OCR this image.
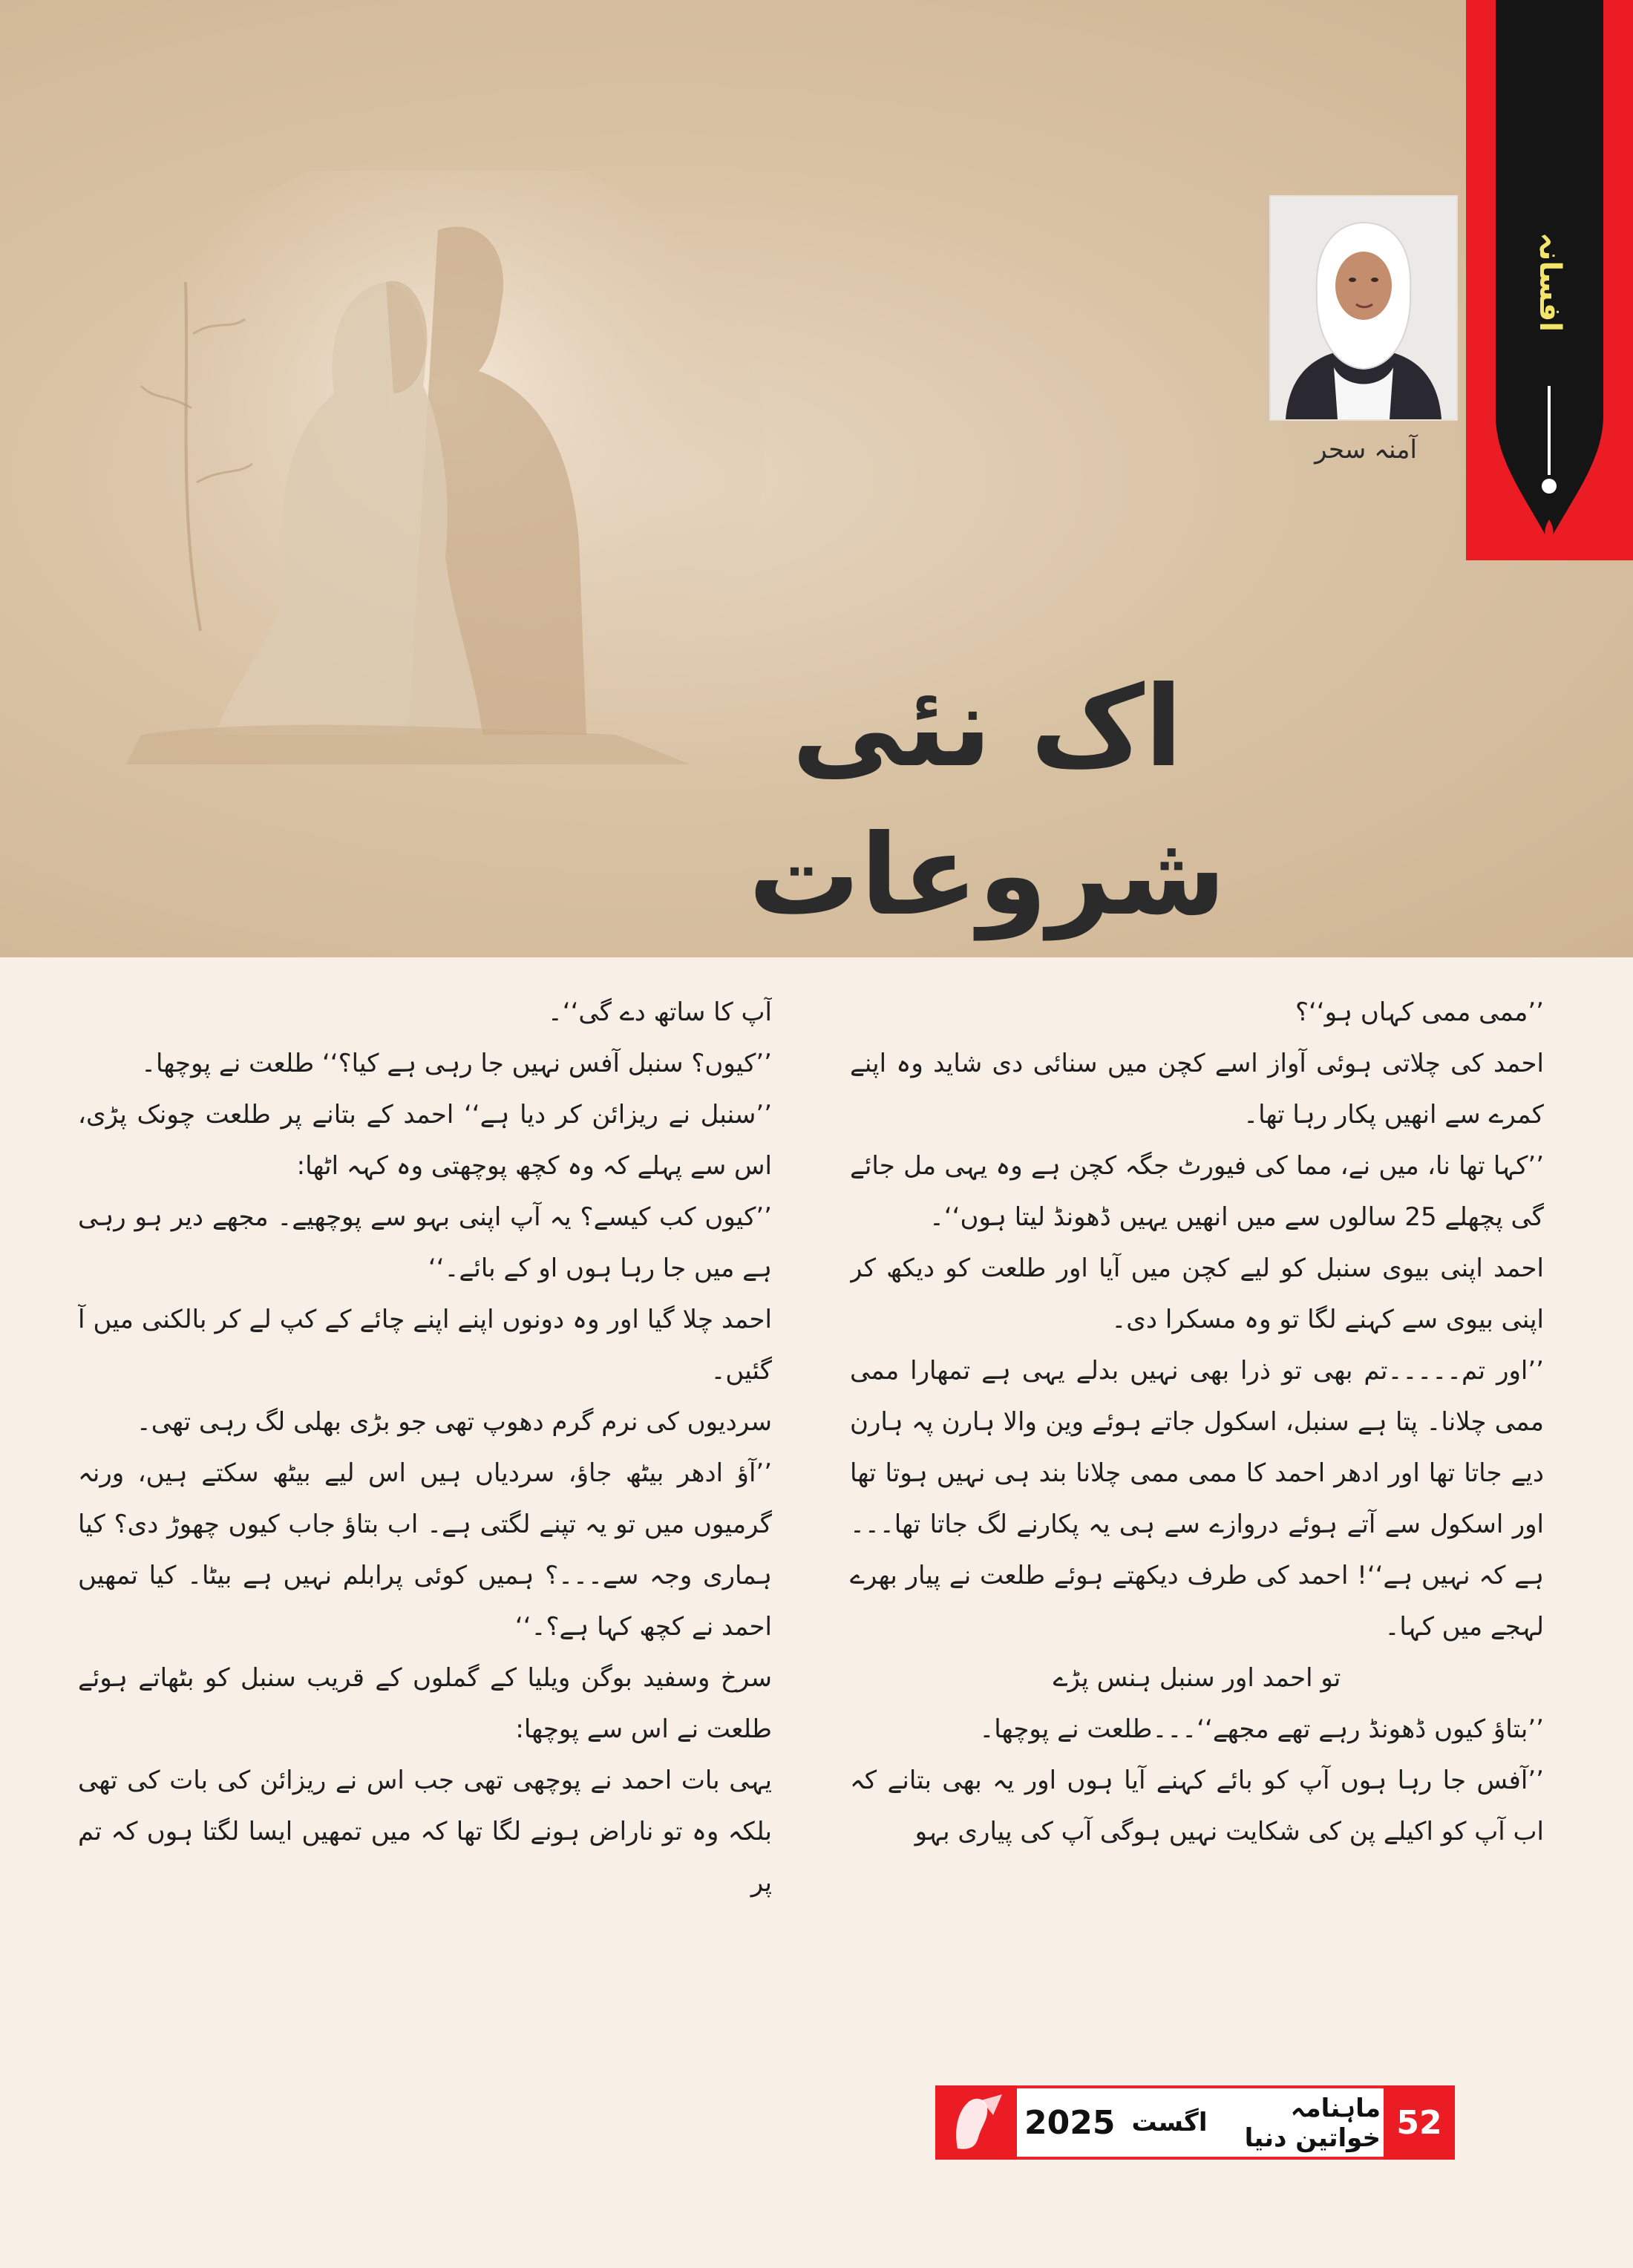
آمنہ سحر
اک نئی شروعات
افسانہ

’’ممی ممی کہاں ہو‘‘؟

احمد کی چلاتی ہوئی آواز اسے کچن میں سنائی دی شاید وہ اپنے کمرے سے انھیں پکار رہا تھا۔

’’کہا تھا نا، میں نے، مما کی فیورٹ جگہ کچن ہے وہ یہی مل جائے گی پچھلے 25 سالوں سے میں انھیں یہیں ڈھونڈ لیتا ہوں‘‘۔

احمد اپنی بیوی سنبل کو لیے کچن میں آیا اور طلعت کو دیکھ کر اپنی بیوی سے کہنے لگا تو وہ مسکرا دی۔

’’اور تم۔۔۔۔۔تم بھی تو ذرا بھی نہیں بدلے یہی ہے تمھارا ممی ممی چلانا۔ پتا ہے سنبل، اسکول جاتے ہوئے وین والا ہارن پہ ہارن دیے جاتا تھا اور ادھر احمد کا ممی ممی چلانا بند ہی نہیں ہوتا تھا اور اسکول سے آتے ہوئے دروازے سے ہی یہ پکارنے لگ جاتا تھا۔۔۔ ہے کہ نہیں ہے‘‘! احمد کی طرف دیکھتے ہوئے طلعت نے پیار بھرے لہجے میں کہا۔

تو احمد اور سنبل ہنس پڑے

’’بتاؤ کیوں ڈھونڈ رہے تھے مجھے‘‘۔۔۔طلعت نے پوچھا۔

’’آفس جا رہا ہوں آپ کو بائے کہنے آیا ہوں اور یہ بھی بتانے کہ اب آپ کو اکیلے پن کی شکایت نہیں ہوگی آپ کی پیاری بہو

آپ کا ساتھ دے گی‘‘۔

’’کیوں؟ سنبل آفس نہیں جا رہی ہے کیا؟‘‘ طلعت نے پوچھا۔

’’سنبل نے ریزائن کر دیا ہے‘‘ احمد کے بتانے پر طلعت چونک پڑی، اس سے پہلے کہ وہ کچھ پوچھتی وہ کہہ اٹھا:

’’کیوں کب کیسے؟ یہ آپ اپنی بہو سے پوچھیے۔ مجھے دیر ہو رہی ہے میں جا رہا ہوں او کے بائے۔‘‘

احمد چلا گیا اور وہ دونوں اپنے اپنے چائے کے کپ لے کر بالکنی میں آ گئیں۔

سردیوں کی نرم گرم دھوپ تھی جو بڑی بھلی لگ رہی تھی۔

’’آؤ ادھر بیٹھ جاؤ، سردیاں ہیں اس لیے بیٹھ سکتے ہیں، ورنہ گرمیوں میں تو یہ تپنے لگتی ہے۔ اب بتاؤ جاب کیوں چھوڑ دی؟ کیا ہماری وجہ سے۔۔۔؟ ہمیں کوئی پرابلم نہیں ہے بیٹا۔ کیا تمھیں احمد نے کچھ کہا ہے؟۔‘‘

سرخ وسفید بوگن ویلیا کے گملوں کے قریب سنبل کو بٹھاتے ہوئے طلعت نے اس سے پوچھا:

یہی بات احمد نے پوچھی تھی جب اس نے ریزائن کی بات کی تھی بلکہ وہ تو ناراض ہونے لگا تھا کہ میں تمھیں ایسا لگتا ہوں کہ تم پر

ماہنامہ خواتین دنیا
اگست
2025	52
